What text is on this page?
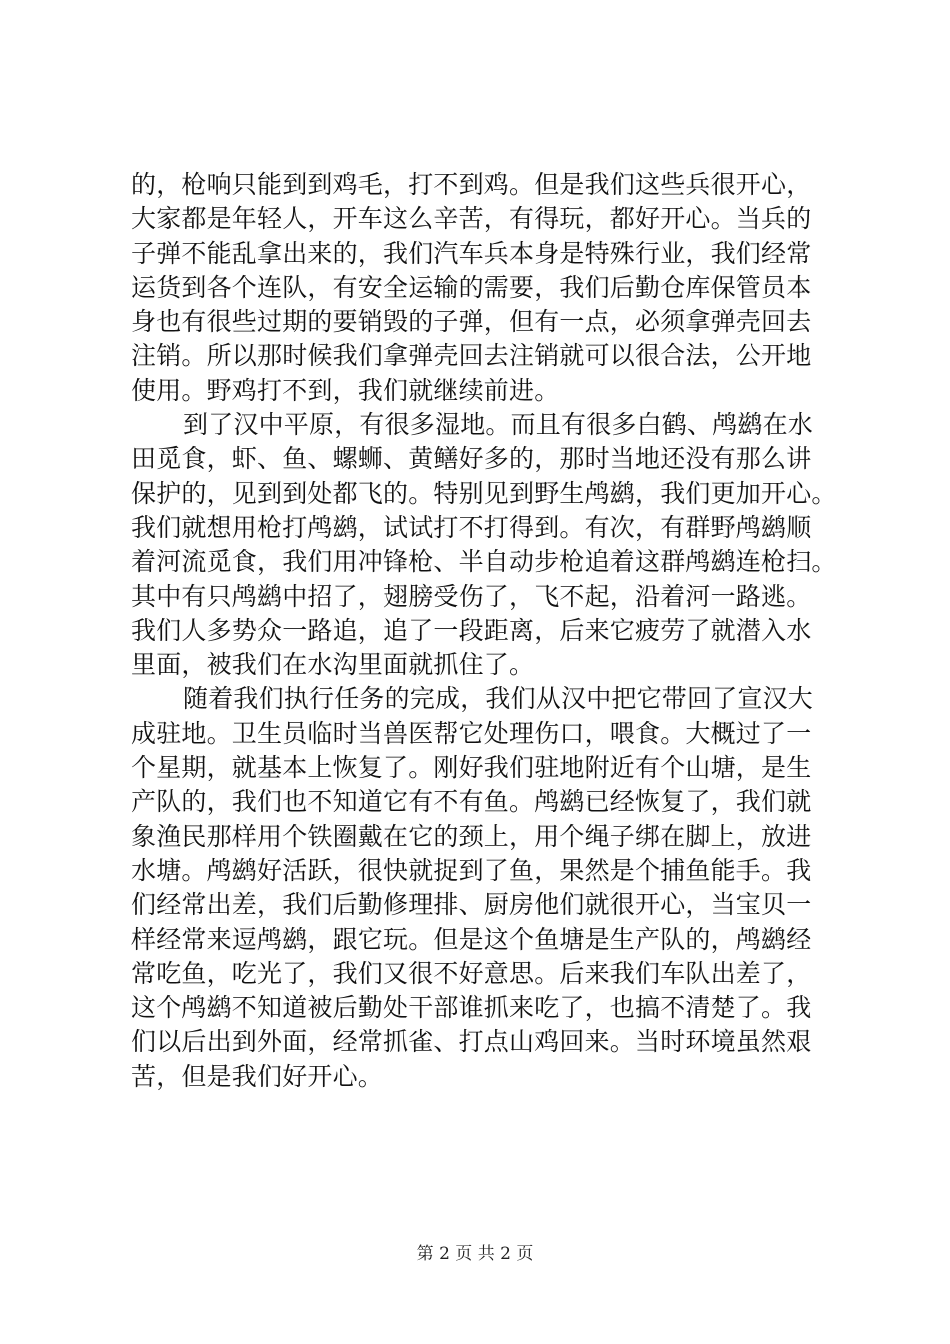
的，枪响只能到到鸡毛，打不到鸡。但是我们这些兵很开心，
大家都是年轻人，开车这么辛苦，有得玩，都好开心。当兵的
子弹不能乱拿出来的，我们汽车兵本身是特殊行业，我们经常
运货到各个连队，有安全运输的需要，我们后勤仓库保管员本
身也有很些过期的要销毁的子弹，但有一点，必须拿弹壳回去
注销。所以那时候我们拿弹壳回去注销就可以很合法，公开地
使用。野鸡打不到，我们就继续前进。
到了汉中平原，有很多湿地。而且有很多白鹤、鸬鹚在水
田觅食，虾、鱼、螺蛳、黄鳝好多的，那时当地还没有那么讲
保护的，见到到处都飞的。特别见到野生鸬鹚，我们更加开心。
我们就想用枪打鸬鹚，试试打不打得到。有次，有群野鸬鹚顺
着河流觅食，我们用冲锋枪、半自动步枪追着这群鸬鹚连枪扫。
其中有只鸬鹚中招了，翅膀受伤了，飞不起，沿着河一路逃。
我们人多势众一路追，追了一段距离，后来它疲劳了就潜入水
里面，被我们在水沟里面就抓住了。
随着我们执行任务的完成，我们从汉中把它带回了宣汉大
成驻地。卫生员临时当兽医帮它处理伤口，喂食。大概过了一
个星期，就基本上恢复了。刚好我们驻地附近有个山塘，是生
产队的，我们也不知道它有不有鱼。鸬鹚已经恢复了，我们就
象渔民那样用个铁圈戴在它的颈上，用个绳子绑在脚上，放进
水塘。鸬鹚好活跃，很快就捉到了鱼，果然是个捕鱼能手。我
们经常出差，我们后勤修理排、厨房他们就很开心，当宝贝一
样经常来逗鸬鹚，跟它玩。但是这个鱼塘是生产队的，鸬鹚经
常吃鱼，吃光了，我们又很不好意思。后来我们车队出差了，
这个鸬鹚不知道被后勤处干部谁抓来吃了，也搞不清楚了。我
们以后出到外面，经常抓雀、打点山鸡回来。当时环境虽然艰
苦，但是我们好开心。
第 2 页 共 2 页
